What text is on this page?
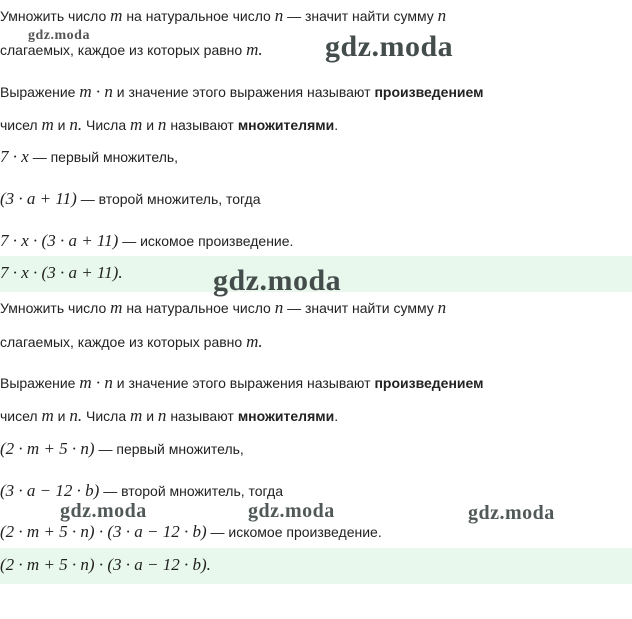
Умножить число m на натуральное число n — значит найти сумму n
слагаемых, каждое из которых равно m.
Выражение m · n и значение этого выражения называют произведением
чисел m и n. Числа m и n называют множителями.
7 · x — первый множитель,
(3 · a + 11) — второй множитель, тогда
7 · x · (3 · a + 11) — искомое произведение.
7 · x · (3 · a + 11).
Умножить число m на натуральное число n — значит найти сумму n
слагаемых, каждое из которых равно m.
Выражение m · n и значение этого выражения называют произведением
чисел m и n. Числа m и n называют множителями.
(2 · m + 5 · n) — первый множитель,
(3 · a − 12 · b) — второй множитель, тогда
(2 · m + 5 · n) · (3 · a − 12 · b) — искомое произведение.
(2 · m + 5 · n) · (3 · a − 12 · b).
gdz.moda	gdz.moda
gdz.moda
gdz.moda	gdz.moda	gdz.moda
